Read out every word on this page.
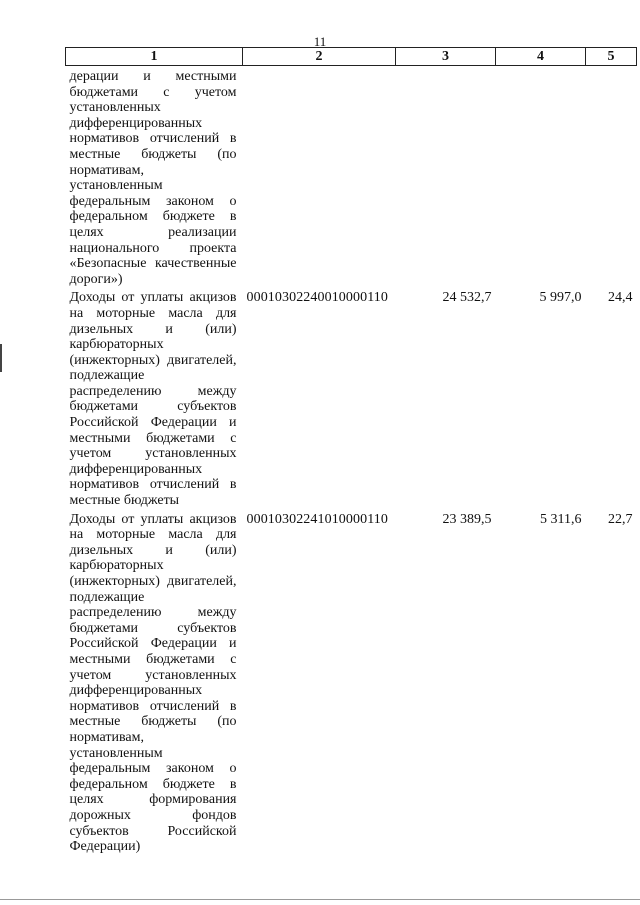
11
1	2	3	4	5
дерации и местными бюджетами с учетом установленных дифференцированных нормативов отчислений в местные бюджеты (по нормативам, установленным федеральным законом о федеральном бюджете в целях реализации национального проекта «Безопасные качественные дороги»)				
Доходы от уплаты акцизов на моторные масла для дизельных и (или) карбюраторных (инжекторных) двигателей, подлежащие распределению между бюджетами субъектов Российской Федерации и местными бюджетами с учетом установленных дифференцированных нормативов отчислений в местные бюджеты	00010302240010000110	24 532,7	5 997,0	24,4
Доходы от уплаты акцизов на моторные масла для дизельных и (или) карбюраторных (инжекторных) двигателей, подлежащие распределению между бюджетами субъектов Российской Федерации и местными бюджетами с учетом установленных дифференцированных нормативов отчислений в местные бюджеты (по нормативам, установленным федеральным законом о федеральном бюджете в целях формирования дорожных фондов субъектов Российской Федерации)	00010302241010000110	23 389,5	5 311,6	22,7
